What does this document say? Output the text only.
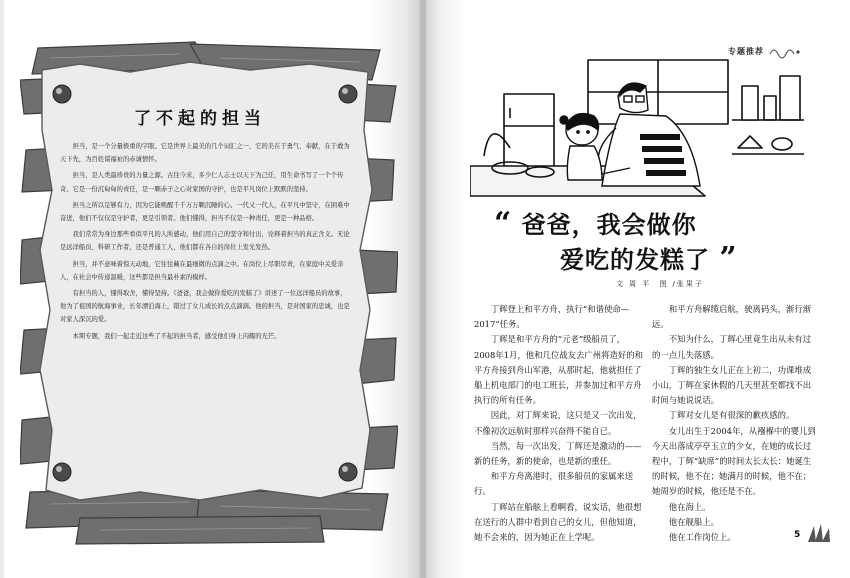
了不起的担当

担当，是一个分量极重的字眼。它是世界上最美的几个词汇之一，它的美在于勇气、奉献，在于敢为天下先，为百姓谋福祉的赤诚情怀。

担当，是人类最珍贵的力量之源。古往今来，多少仁人志士以天下为己任，用生命书写了一个个传奇。它是一份沉甸甸的责任，是一颗赤子之心对家国的守护，也是平凡岗位上默默的坚持。

担当之所以足够有力，因为它能唤醒千千万万颗沉睡的心。一代又一代人，在平凡中坚守，在困难中奋进，他们不仅仅是守护者，更是引领者。他们懂得，担当不仅是一种责任，更是一种品格。

我们常常为身边那些看似平凡的人所感动，他们用自己的坚守和付出，诠释着担当的真正含义。无论是远洋船员、科研工作者，还是普通工人，他们都在各自的岗位上发光发热。

担当，并不意味着惊天动地，它往往藏在最细微的点滴之中。在岗位上尽职尽责，在家庭中关爱亲人，在社会中传递温暖，这些都是担当最朴素的模样。

有担当的人，懂得取舍，懂得坚持。《爸爸，我会做你爱吃的发糕了》讲述了一位远洋船员的故事，他为了祖国的航海事业，长年漂泊海上，错过了女儿成长的点点滴滴。他的担当，是对国家的忠诚，也是对家人深沉的爱。

本期专题，我们一起走近这些了不起的担当者，感受他们身上闪耀的光芒。

专题推荐
“ 爸爸，我会做你
爱吃的发糕了 ”
文 周 平 图 /张果子

丁辉登上和平方舟，执行“和谐使命—2017”任务。

丁辉是和平方舟的“元老”级船员了，2008年1月，他和几位战友去广州将造好的和平方舟接到舟山军港，从那时起，他就担任了船上机电部门的电工班长，并参加过和平方舟执行的所有任务。

因此，对丁辉来说，这只是又一次出发，不像初次远航时那样兴奋得不能自已。

当然，每一次出发，丁辉还是激动的——新的任务，新的使命，也是新的重任。

和平方舟离港时，很多船员的家属来送行。

丁辉站在船舷上看啊看，说实话，他很想在送行的人群中看到自己的女儿，但他知道，她不会来的，因为她正在上学呢。

和平方舟解缆启航，驶离码头，渐行渐远。

不知为什么，丁辉心里竟生出从未有过的一点儿失落感。

丁辉的独生女儿正在上初二，功课堆成小山，丁辉在家休假的几天里甚至都找不出时间与她说说话。

丁辉对女儿是有很深的歉疚感的。

女儿出生于2004年，从襁褓中的婴儿到今天出落成亭亭玉立的少女，在她的成长过程中，丁辉“缺席”的时间太长太长：她诞生的时候，他不在；她满月的时候，他不在；她周岁的时候，他还是不在。

他在海上。

他在舰船上。

他在工作岗位上。	5
